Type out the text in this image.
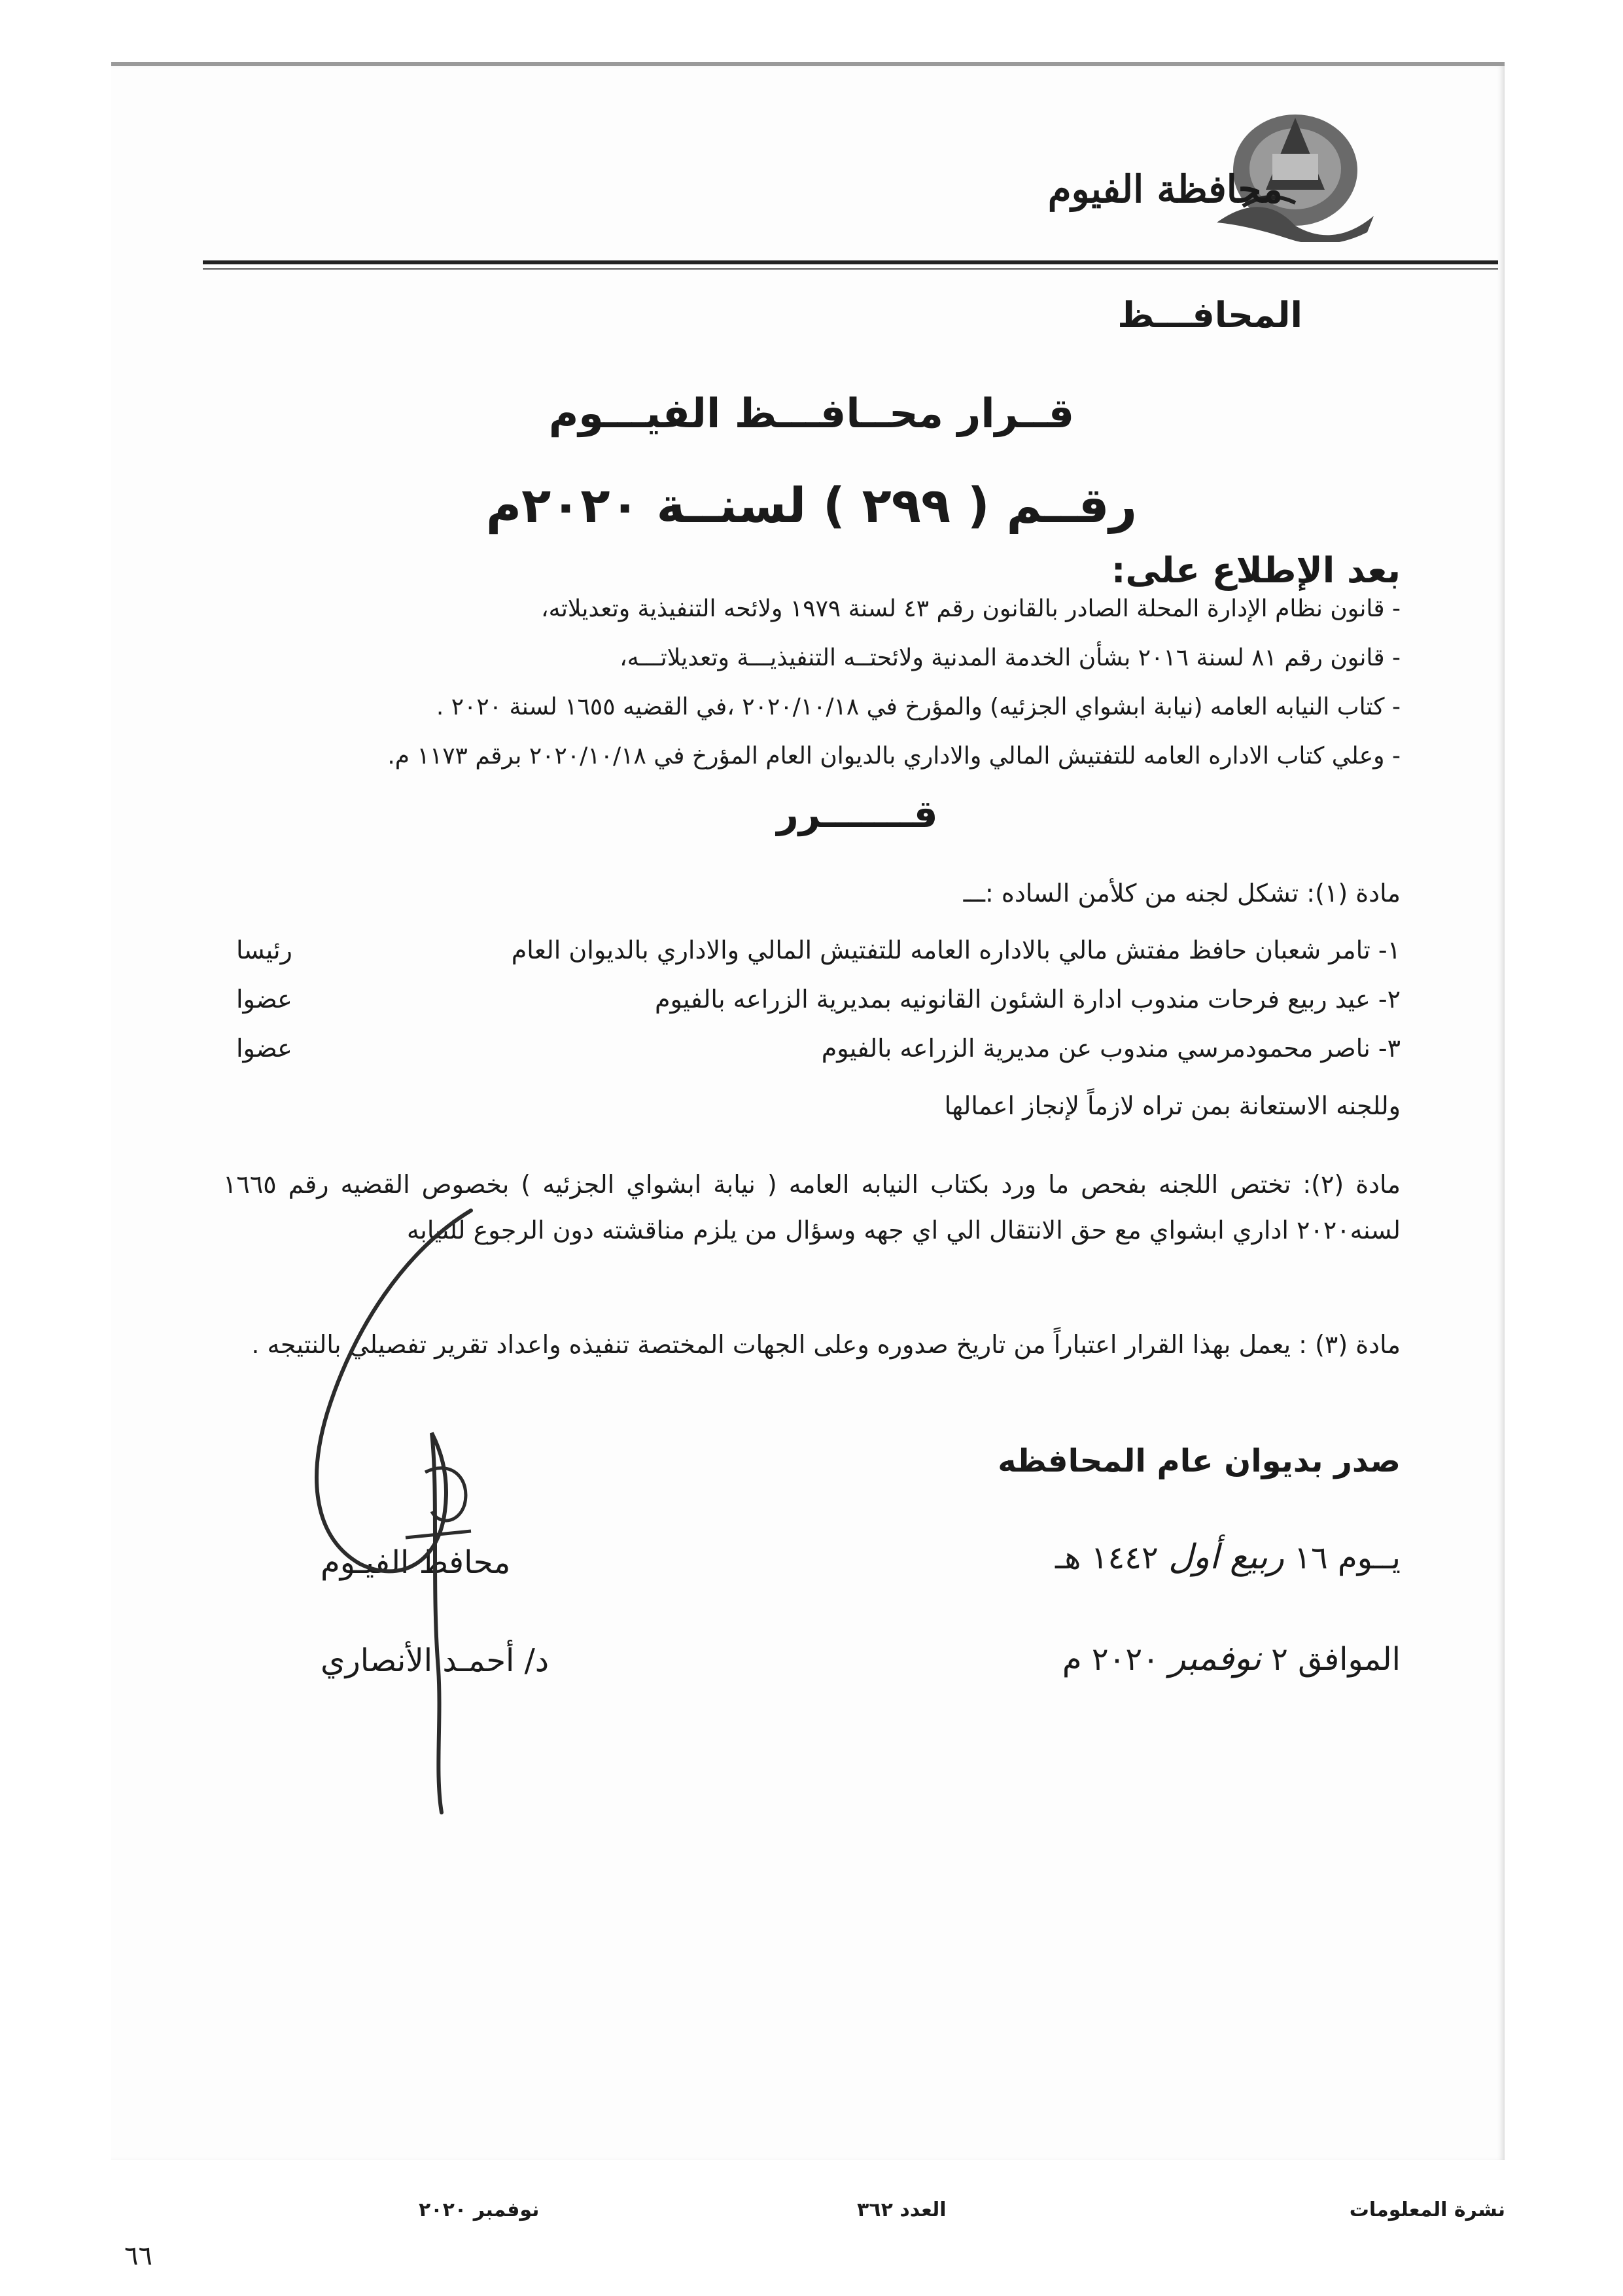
محافظة الفيوم
المحافـــظ
قــرار محــافـــظ الفيـــوم
رقــم ( ٢٩٩ ) لسنــة ٢٠٢٠م
بعد الإطلاع على:
- قانون نظام الإدارة المحلة الصادر بالقانون رقم ٤٣ لسنة ١٩٧٩ ولائحه التنفيذية وتعديلاته،
- قانون رقم ٨١ لسنة ٢٠١٦ بشأن الخدمة المدنية ولائحتــه التنفيذيـــة وتعديلاتـــه،
- كتاب النيابه العامه (نيابة ابشواي الجزئيه) والمؤرخ في ٢٠٢٠/١٠/١٨ ،في القضيه ١٦٥٥ لسنة ٢٠٢٠ .
- وعلي كتاب الاداره العامه للتفتيش المالي والاداري بالديوان العام المؤرخ في ٢٠٢٠/١٠/١٨ برقم ١١٧٣ م.
قـــــــرر
مادة (١): تشكل لجنه من كلأمن الساده :ـــ
١- تامر شعبان حافظ مفتش مالي بالاداره العامه للتفتيش المالي والاداري بالديوان العام
رئيسا
٢- عيد ربيع فرحات مندوب ادارة الشئون القانونيه بمديرية الزراعه بالفيوم
عضوا
٣- ناصر محمودمرسي مندوب عن مديرية الزراعه بالفيوم
عضوا
وللجنه الاستعانة بمن تراه لازماً لإنجاز اعمالها
مادة (٢): تختص اللجنه بفحص ما ورد بكتاب النيابه العامه ( نيابة ابشواي الجزئيه ) بخصوص القضيه رقم ١٦٦٥ لسنه٢٠٢٠ اداري ابشواي مع حق الانتقال الي اي جهه وسؤال من يلزم مناقشته دون الرجوع للنيابه
مادة (٣) : يعمل بهذا القرار اعتباراً من تاريخ صدوره وعلى الجهات المختصة تنفيذه واعداد تقرير تفصيلي بالنتيجه .
صدر بديوان عام المحافظه
يــوم ١٦ ربيع أول ١٤٤٢ هـ
الموافق ٢ نوفمبر ٢٠٢٠ م
محافظ الفيـوم
د/ أحمـد الأنصاري
نشرة المعلومات
العدد ٣٦٢
نوفمبر ٢٠٢٠
٦٦
